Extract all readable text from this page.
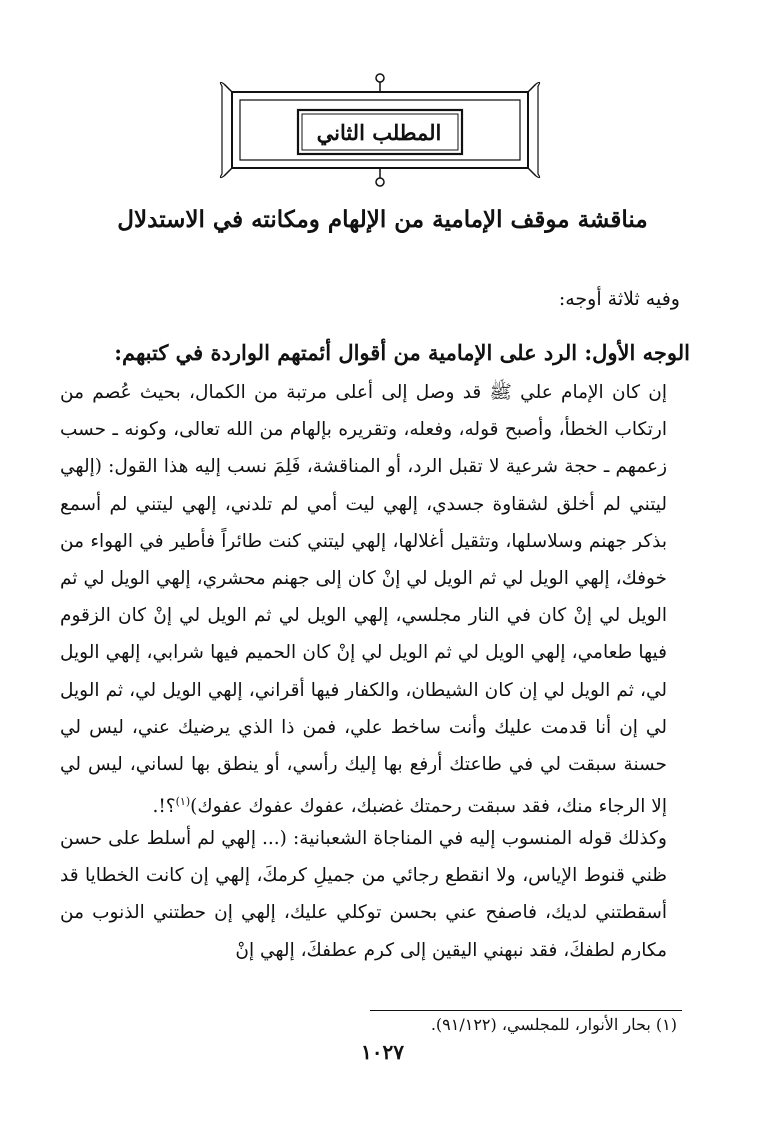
المطلب الثاني
مناقشة موقف الإمامية من الإلهام ومكانته في الاستدلال

وفيه ثلاثة أوجه:

الوجه الأول: الرد على الإمامية من أقوال أئمتهم الواردة في كتبهم:

إن كان الإمام علي ﷺ قد وصل إلى أعلى مرتبة من الكمال، بحيث عُصم من ارتكاب الخطأ، وأصبح قوله، وفعله، وتقريره بإلهام من الله تعالى، وكونه ـ حسب زعمهم ـ حجة شرعية لا تقبل الرد، أو المناقشة، فَلِمَ نسب إليه هذا القول: (إلهي ليتني لم أخلق لشقاوة جسدي، إلهي ليت أمي لم تلدني، إلهي ليتني لم أسمع بذكر جهنم وسلاسلها، وتثقيل أغلالها، إلهي ليتني كنت طائراً فأطير في الهواء من خوفك، إلهي الويل لي ثم الويل لي إنْ كان إلى جهنم محشري، إلهي الويل لي ثم الويل لي إنْ كان في النار مجلسي، إلهي الويل لي ثم الويل لي إنْ كان الزقوم فيها طعامي، إلهي الويل لي ثم الويل لي إنْ كان الحميم فيها شرابي، إلهي الويل لي، ثم الويل لي إن كان الشيطان، والكفار فيها أقراني، إلهي الويل لي، ثم الويل لي إن أنا قدمت عليك وأنت ساخط علي، فمن ذا الذي يرضيك عني، ليس لي حسنة سبقت لي في طاعتك أرفع بها إليك رأسي، أو ينطق بها لساني، ليس لي إلا الرجاء منك، فقد سبقت رحمتك غضبك، عفوك عفوك عفوك)$^{(١)}$؟!.

وكذلك قوله المنسوب إليه في المناجاة الشعبانية: (... إلهي لم أسلط على حسن ظني قنوط الإياس، ولا انقطع رجائي من جميلِ كرمكَ، إلهي إن كانت الخطايا قد أسقطتني لديك، فاصفح عني بحسن توكلي عليك، إلهي إن حطتني الذنوب من مكارم لطفكَ، فقد نبهني اليقين إلى كرم عطفكَ، إلهي إنْ

(١) بحار الأنوار، للمجلسي، (٩١/١٢٢).

١٠٢٧
